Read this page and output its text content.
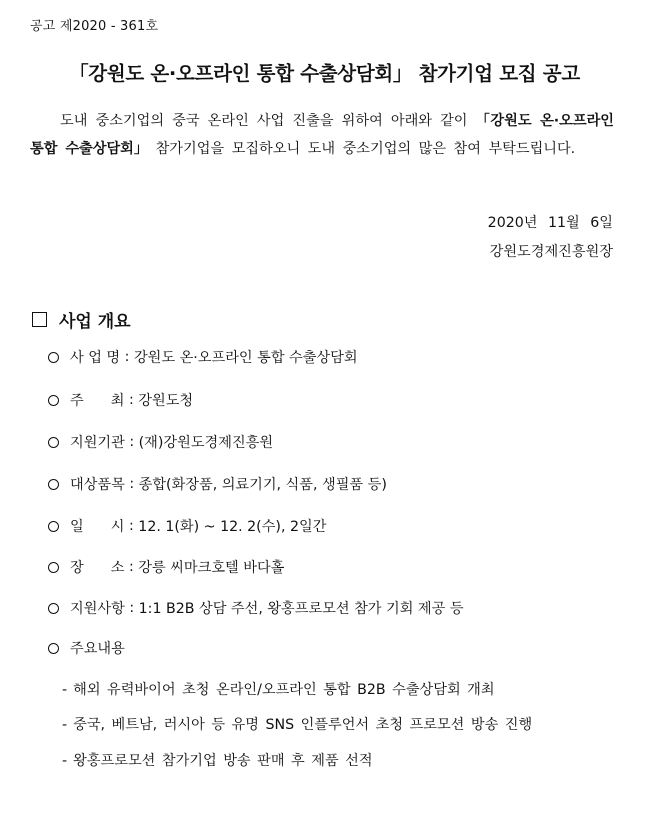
공고 제2020 - 361호
「강원도 온·오프라인 통합 수출상담회」 참가기업 모집 공고
도내 중소기업의 중국 온라인 사업 진출을 위하여 아래와 같이 「강원도 온·오프라인 통합 수출상담회」 참가기업을 모집하오니 도내 중소기업의 많은 참여 부탁드립니다.
2020년 11월 6일
강원도경제진흥원장
사업 개요
사 업 명 : 강원도 온·오프라인 통합 수출상담회
주      최 : 강원도청
지원기관 : (재)강원도경제진흥원
대상품목 : 종합(화장품, 의료기기, 식품, 생필품 등)
일      시 : 12. 1(화) ~ 12. 2(수), 2일간
장      소 : 강릉 씨마크호텔 바다홀
지원사항 : 1:1 B2B 상담 주선, 왕홍프로모션 참가 기회 제공 등
주요내용
- 해외 유력바이어 초청 온라인/오프라인 통합 B2B 수출상담회 개최
- 중국, 베트남, 러시아 등 유명 SNS 인플루언서 초청 프로모션 방송 진행
- 왕홍프로모션 참가기업 방송 판매 후 제품 선적
